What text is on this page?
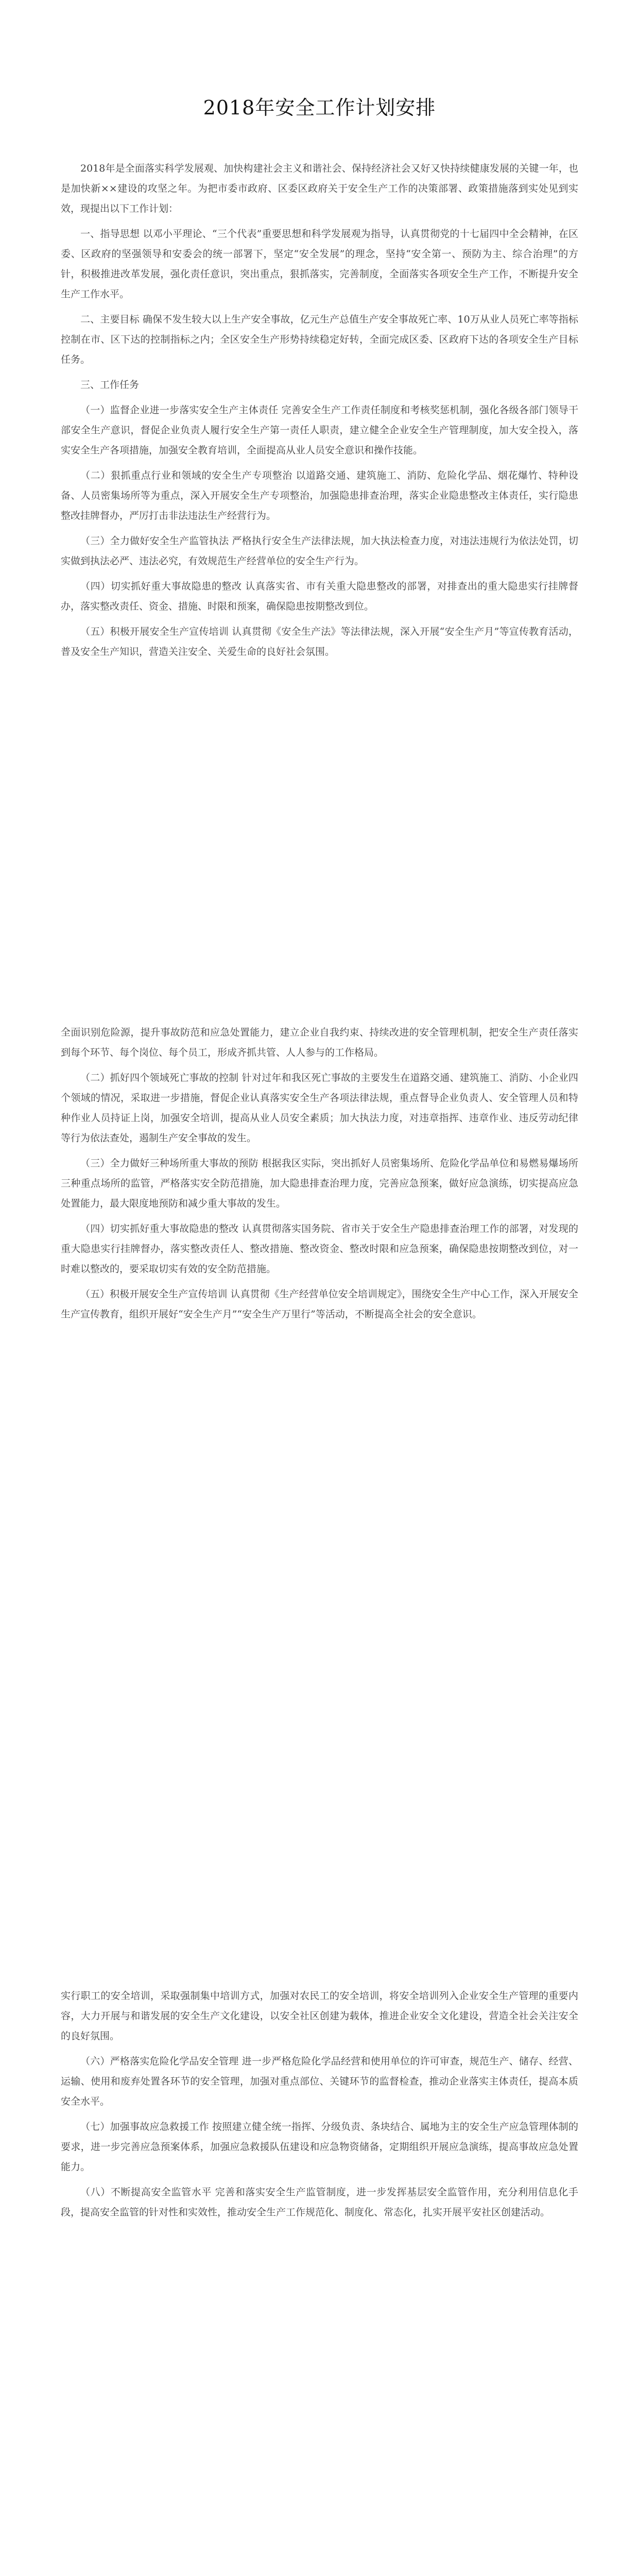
2018年安全工作计划安排

2018年是全面落实科学发展观、加快构建社会主义和谐社会、保持经济社会又好又快持续健康发展的关键一年，也是加快新××建设的攻坚之年。为把市委市政府、区委区政府关于安全生产工作的决策部署、政策措施落到实处见到实效，现提出以下工作计划：

一、指导思想 以邓小平理论、“三个代表”重要思想和科学发展观为指导，认真贯彻党的十七届四中全会精神，在区委、区政府的坚强领导和安委会的统一部署下，坚定“安全发展”的理念，坚持“安全第一、预防为主、综合治理”的方针，积极推进改革发展，强化责任意识，突出重点，狠抓落实，完善制度，全面落实各项安全生产工作，不断提升安全生产工作水平。

二、主要目标 确保不发生较大以上生产安全事故，亿元生产总值生产安全事故死亡率、10万从业人员死亡率等指标控制在市、区下达的控制指标之内；全区安全生产形势持续稳定好转，全面完成区委、区政府下达的各项安全生产目标任务。

三、工作任务

（一）监督企业进一步落实安全生产主体责任 完善安全生产工作责任制度和考核奖惩机制，强化各级各部门领导干部安全生产意识，督促企业负责人履行安全生产第一责任人职责，建立健全企业安全生产管理制度，加大安全投入，落实安全生产各项措施，加强安全教育培训，全面提高从业人员安全意识和操作技能。

（二）狠抓重点行业和领域的安全生产专项整治 以道路交通、建筑施工、消防、危险化学品、烟花爆竹、特种设备、人员密集场所等为重点，深入开展安全生产专项整治，加强隐患排查治理，落实企业隐患整改主体责任，实行隐患整改挂牌督办，严厉打击非法违法生产经营行为。

（三）全力做好安全生产监管执法 严格执行安全生产法律法规，加大执法检查力度，对违法违规行为依法处罚，切实做到执法必严、违法必究，有效规范生产经营单位的安全生产行为。

（四）切实抓好重大事故隐患的整改 认真落实省、市有关重大隐患整改的部署，对排查出的重大隐患实行挂牌督办，落实整改责任、资金、措施、时限和预案，确保隐患按期整改到位。

（五）积极开展安全生产宣传培训 认真贯彻《安全生产法》等法律法规，深入开展“安全生产月”等宣传教育活动，普及安全生产知识，营造关注安全、关爱生命的良好社会氛围。

全面识别危险源，提升事故防范和应急处置能力，建立企业自我约束、持续改进的安全管理机制，把安全生产责任落实到每个环节、每个岗位、每个员工，形成齐抓共管、人人参与的工作格局。

（二）抓好四个领域死亡事故的控制 针对过年和我区死亡事故的主要发生在道路交通、建筑施工、消防、小企业四个领域的情况，采取进一步措施，督促企业认真落实安全生产各项法律法规，重点督导企业负责人、安全管理人员和特种作业人员持证上岗，加强安全培训，提高从业人员安全素质；加大执法力度，对违章指挥、违章作业、违反劳动纪律等行为依法查处，遏制生产安全事故的发生。

（三）全力做好三种场所重大事故的预防 根据我区实际，突出抓好人员密集场所、危险化学品单位和易燃易爆场所三种重点场所的监管，严格落实安全防范措施，加大隐患排查治理力度，完善应急预案，做好应急演练，切实提高应急处置能力，最大限度地预防和减少重大事故的发生。

（四）切实抓好重大事故隐患的整改 认真贯彻落实国务院、省市关于安全生产隐患排查治理工作的部署，对发现的重大隐患实行挂牌督办，落实整改责任人、整改措施、整改资金、整改时限和应急预案，确保隐患按期整改到位，对一时难以整改的，要采取切实有效的安全防范措施。

（五）积极开展安全生产宣传培训 认真贯彻《生产经营单位安全培训规定》，围绕安全生产中心工作，深入开展安全生产宣传教育，组织开展好“安全生产月”“安全生产万里行”等活动，不断提高全社会的安全意识。

实行职工的安全培训，采取强制集中培训方式，加强对农民工的安全培训，将安全培训列入企业安全生产管理的重要内容，大力开展与和谐发展的安全生产文化建设，以安全社区创建为载体，推进企业安全文化建设，营造全社会关注安全的良好氛围。

（六）严格落实危险化学品安全管理 进一步严格危险化学品经营和使用单位的许可审查，规范生产、储存、经营、运输、使用和废弃处置各环节的安全管理，加强对重点部位、关键环节的监督检查，推动企业落实主体责任，提高本质安全水平。

（七）加强事故应急救援工作 按照建立健全统一指挥、分级负责、条块结合、属地为主的安全生产应急管理体制的要求，进一步完善应急预案体系，加强应急救援队伍建设和应急物资储备，定期组织开展应急演练，提高事故应急处置能力。

（八）不断提高安全监管水平 完善和落实安全生产监管制度，进一步发挥基层安全监管作用，充分利用信息化手段，提高安全监管的针对性和实效性，推动安全生产工作规范化、制度化、常态化，扎实开展平安社区创建活动。
